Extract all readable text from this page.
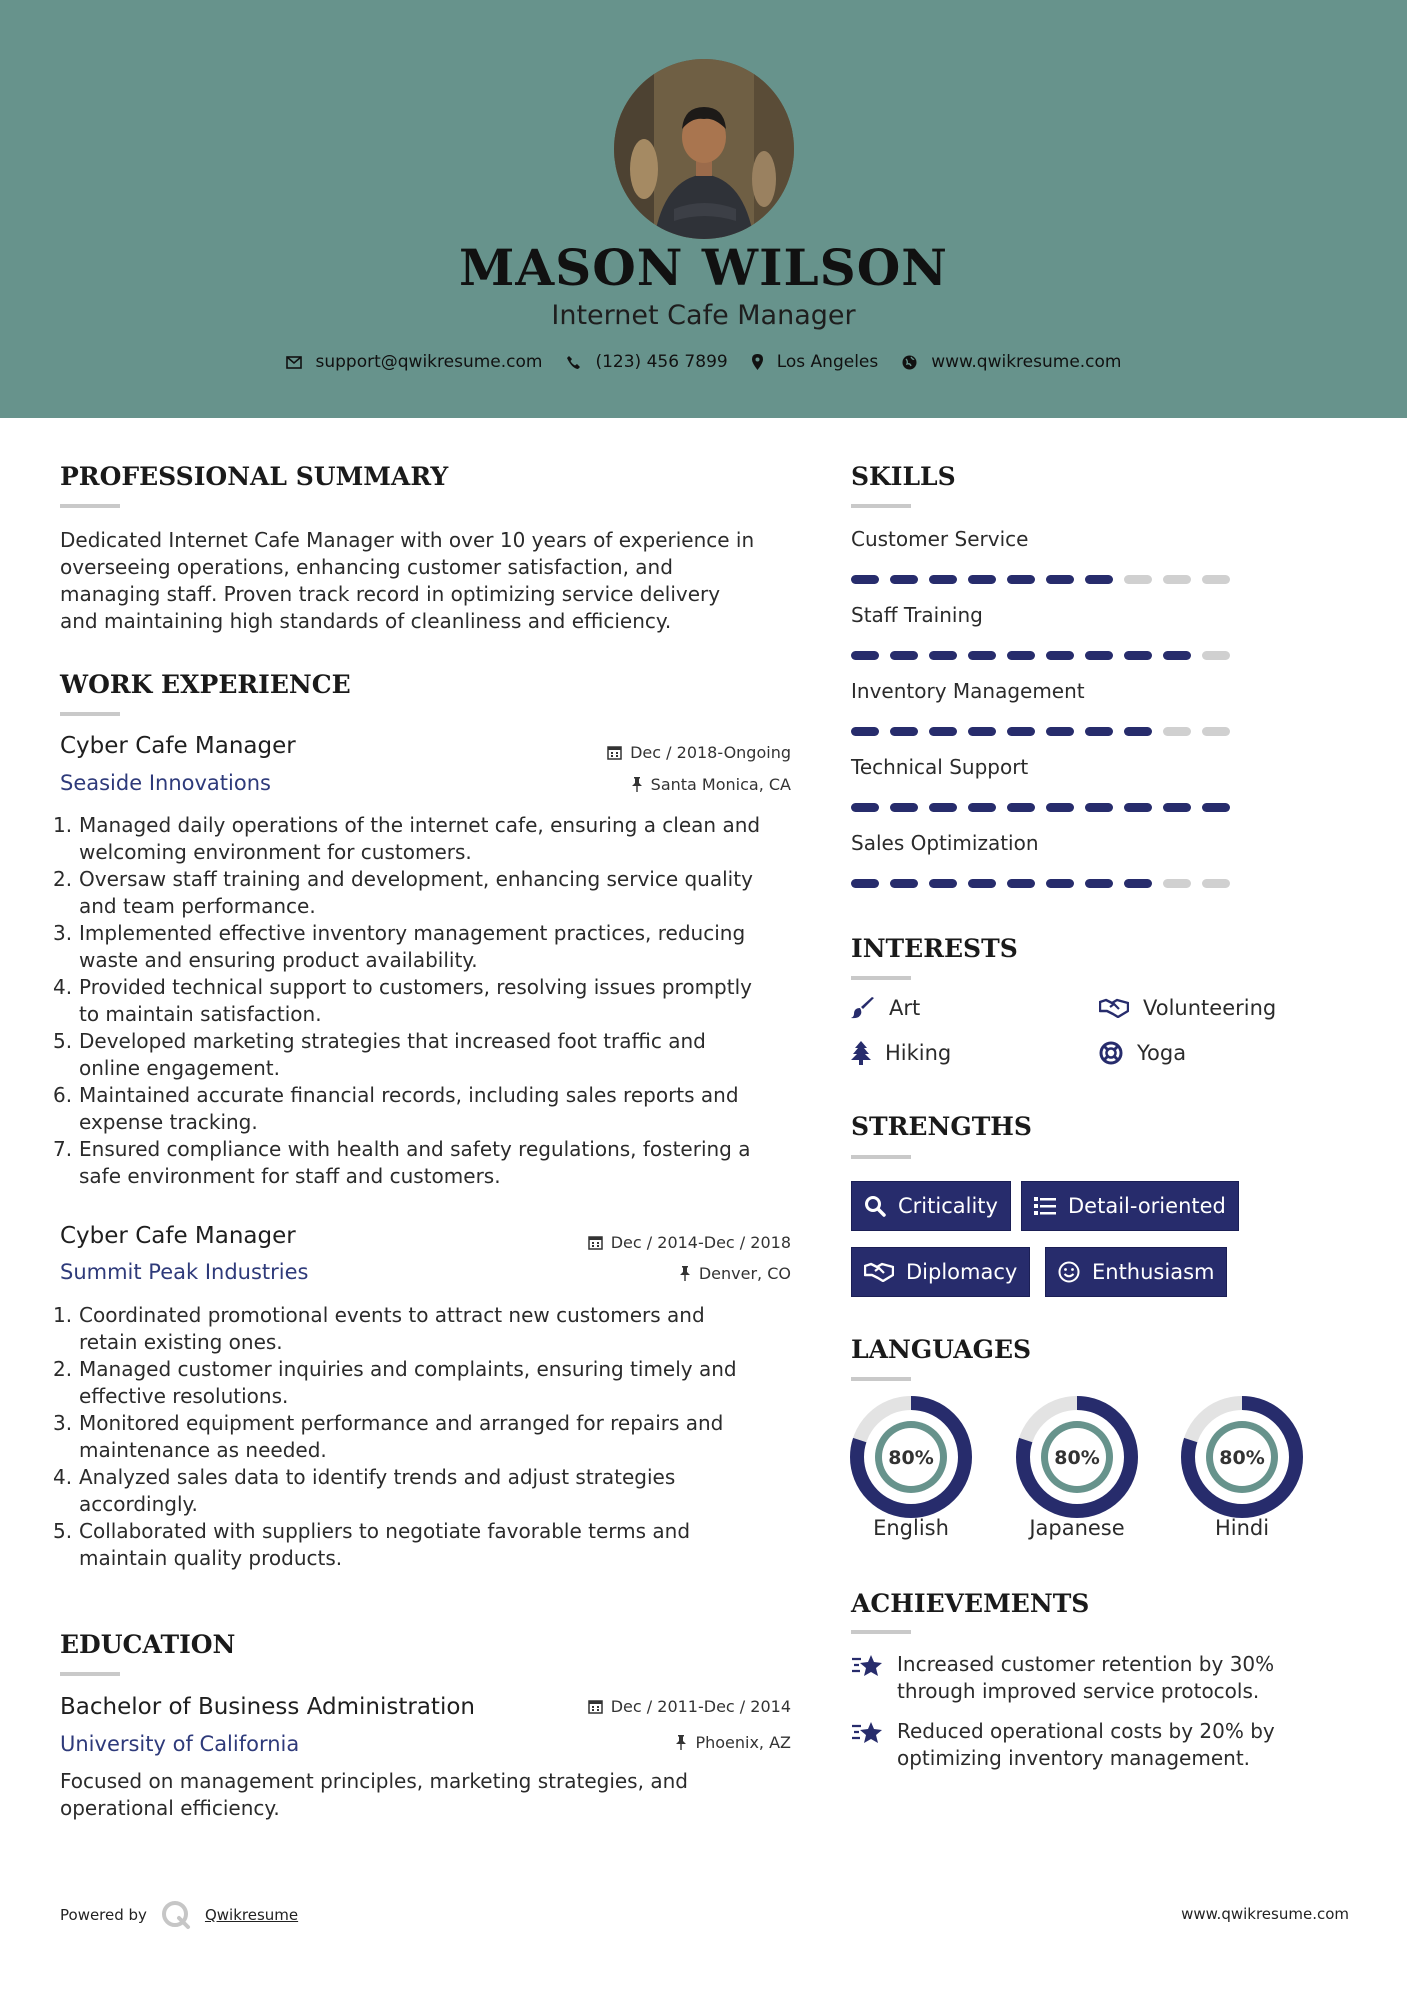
MASON WILSON
Internet Cafe Manager
support@qwikresume.com	(123) 456 7899	Los Angeles	www.qwikresume.com
PROFESSIONAL SUMMARY
Dedicated Internet Cafe Manager with over 10 years of experience in
overseeing operations, enhancing customer satisfaction, and
managing staff. Proven track record in optimizing service delivery
and maintaining high standards of cleanliness and efficiency.
WORK EXPERIENCE
Cyber Cafe Manager
Seaside Innovations
Dec / 2018-Ongoing
Santa Monica, CA
1. Managed daily operations of the internet cafe, ensuring a clean and
welcoming environment for customers.
2. Oversaw staff training and development, enhancing service quality
and team performance.
3. Implemented effective inventory management practices, reducing
waste and ensuring product availability.
4. Provided technical support to customers, resolving issues promptly
to maintain satisfaction.
5. Developed marketing strategies that increased foot traffic and
online engagement.
6. Maintained accurate financial records, including sales reports and
expense tracking.
7. Ensured compliance with health and safety regulations, fostering a
safe environment for staff and customers.
Cyber Cafe Manager
Summit Peak Industries
Dec / 2014-Dec / 2018
Denver, CO
1. Coordinated promotional events to attract new customers and
retain existing ones.
2. Managed customer inquiries and complaints, ensuring timely and
effective resolutions.
3. Monitored equipment performance and arranged for repairs and
maintenance as needed.
4. Analyzed sales data to identify trends and adjust strategies
accordingly.
5. Collaborated with suppliers to negotiate favorable terms and
maintain quality products.
EDUCATION
Bachelor of Business Administration
University of California
Dec / 2011-Dec / 2014
Phoenix, AZ
Focused on management principles, marketing strategies, and
operational efficiency.
SKILLS
Customer Service
Staff Training
Inventory Management
Technical Support
Sales Optimization
INTERESTS
Art	Volunteering
Hiking	Yoga
STRENGTHS
Criticality	Detail-oriented
Diplomacy	Enthusiasm
LANGUAGES
80%
English
80%
Japanese
80%
Hindi
ACHIEVEMENTS
Increased customer retention by 30%
through improved service protocols.
Reduced operational costs by 20% by
optimizing inventory management.
Powered by	Qwikresume	www.qwikresume.com
